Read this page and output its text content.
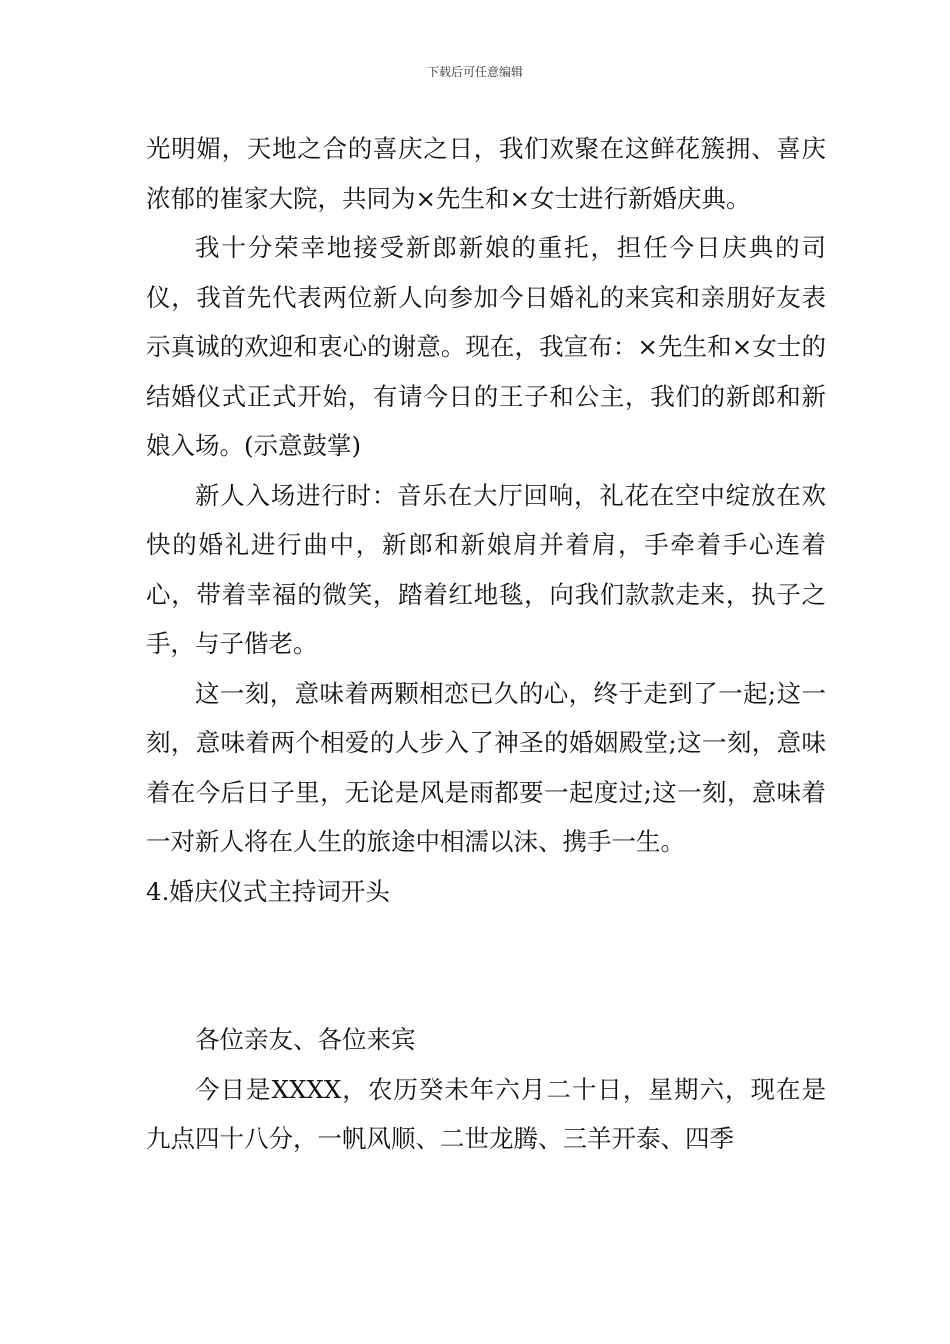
下载后可任意编辑

光明媚，天地之合的喜庆之日，我们欢聚在这鲜花簇拥、喜庆浓郁的崔家大院，共同为×先生和×女士进行新婚庆典。

我十分荣幸地接受新郎新娘的重托，担任今日庆典的司仪，我首先代表两位新人向参加今日婚礼的来宾和亲朋好友表示真诚的欢迎和衷心的谢意。现在，我宣布：×先生和×女士的结婚仪式正式开始，有请今日的王子和公主，我们的新郎和新娘入场。(示意鼓掌)

新人入场进行时：音乐在大厅回响，礼花在空中绽放在欢快的婚礼进行曲中，新郎和新娘肩并着肩，手牵着手心连着心，带着幸福的微笑，踏着红地毯，向我们款款走来，执子之手，与子偕老。

这一刻，意味着两颗相恋已久的心，终于走到了一起;这一刻，意味着两个相爱的人步入了神圣的婚姻殿堂;这一刻，意味着在今后日子里，无论是风是雨都要一起度过;这一刻，意味着一对新人将在人生的旅途中相濡以沫、携手一生。

4.婚庆仪式主持词开头

各位亲友、各位来宾

今日是XXXX，农历癸未年六月二十日，星期六，现在是九点四十八分，一帆风顺、二世龙腾、三羊开泰、四季
